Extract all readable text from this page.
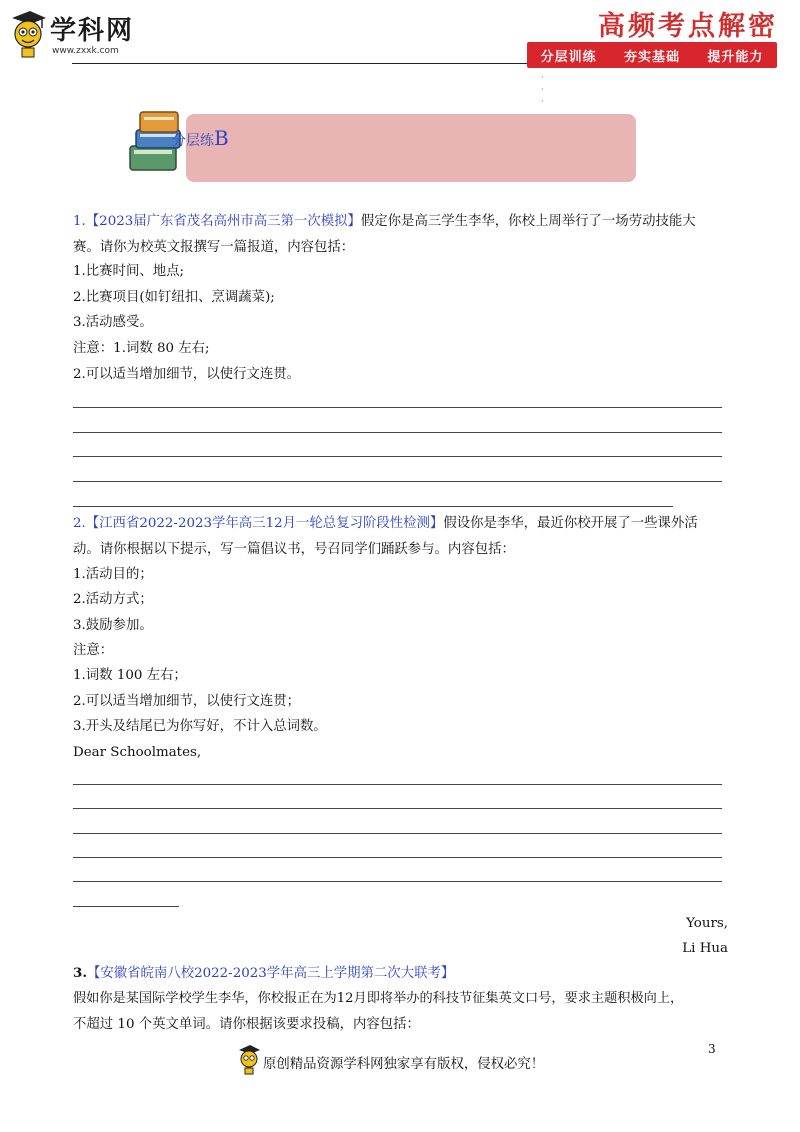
学科网
www.zxxk.com
高频考点解密
分层训练 夯实基础 提升能力
·
·
·
分层练B
1.【2023届广东省茂名高州市高三第一次模拟】假定你是高三学生李华，你校上周举行了一场劳动技能大
赛。请你为校英文报撰写一篇报道，内容包括：
1.比赛时间、地点;
2.比赛项目(如钉纽扣、烹调蔬菜);
3.活动感受。
注意：1.词数 80 左右;
2.可以适当增加细节，以使行文连贯。
2.【江西省2022-2023学年高三12月一轮总复习阶段性检测】假设你是李华，最近你校开展了一些课外活
动。请你根据以下提示，写一篇倡议书，号召同学们踊跃参与。内容包括：
1.活动目的；
2.活动方式；
3.鼓励参加。
注意：
1.词数 100 左右；
2.可以适当增加细节，以使行文连贯；
3.开头及结尾已为你写好，不计入总词数。
Dear Schoolmates,
Yours,
Li Hua
3.【安徽省皖南八校2022-2023学年高三上学期第二次大联考】
假如你是某国际学校学生李华，你校报正在为12月即将举办的科技节征集英文口号，要求主题积极向上，
不超过 10 个英文单词。请你根据该要求投稿，内容包括：
3
原创精品资源学科网独家享有版权，侵权必究！
